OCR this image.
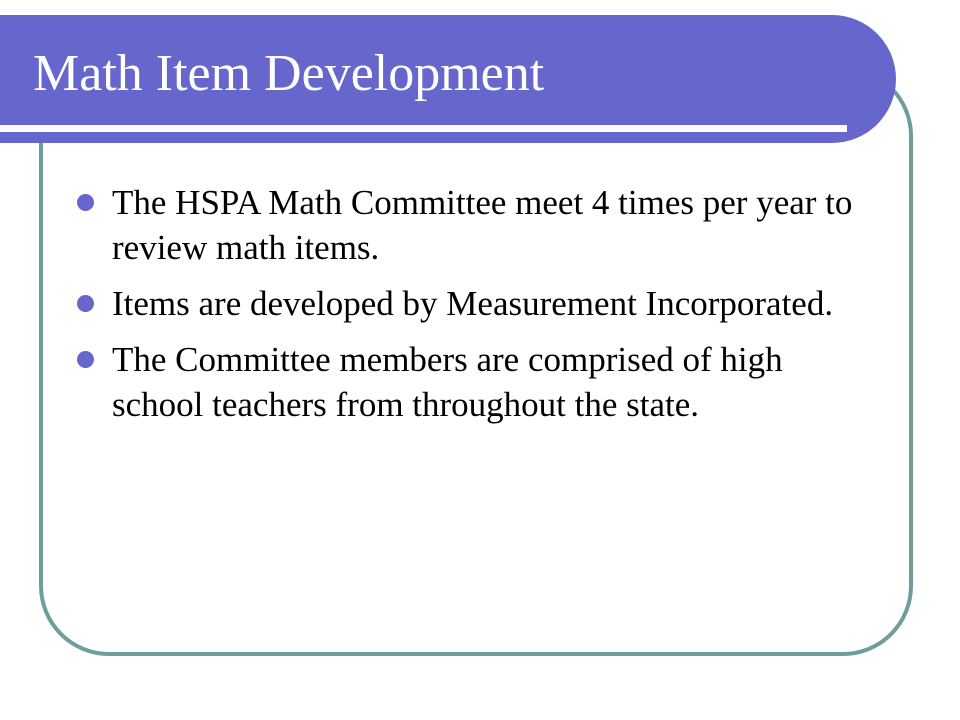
Math Item Development
The HSPA Math Committee meet 4 times per year to review math items.
Items are developed by Measurement Incorporated.
The Committee members are comprised of high school teachers from throughout the state.
